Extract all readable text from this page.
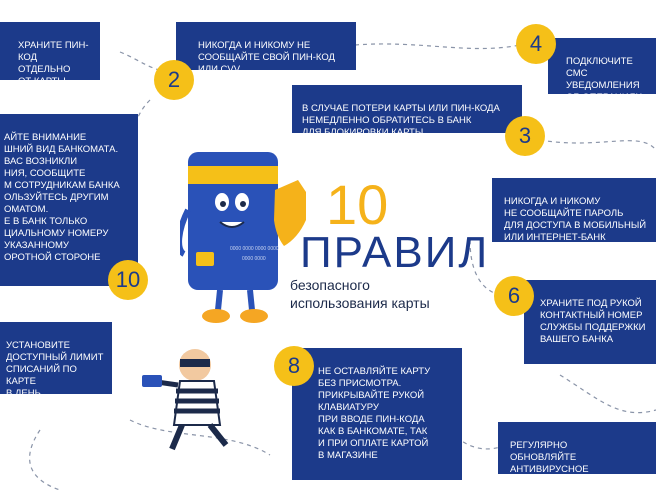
ХРАНИТЕ ПИН-
КОД ОТДЕЛЬНО
ОТ КАРТЫ

НИКОГДА И НИКОМУ НЕ
СООБЩАЙТЕ СВОЙ ПИН-КОД
ИЛИ CVV

В СЛУЧАЕ ПОТЕРИ КАРТЫ ИЛИ ПИН-КОДА
НЕМЕДЛЕННО ОБРАТИТЕСЬ В БАНК
ДЛЯ БЛОКИРОВКИ КАРТЫ

ПОДКЛЮЧИТЕ СМС
УВЕДОМЛЕНИЯ
ОБ ОПЕРАЦИЯХ ПО

НИКОГДА И НИКОМУ
НЕ СООБЩАЙТЕ ПАРОЛЬ
ДЛЯ ДОСТУПА В МОБИЛЬНЫЙ
ИЛИ ИНТЕРНЕТ-БАНК

ХРАНИТЕ ПОД РУКОЙ
КОНТАКТНЫЙ НОМЕР
СЛУЖБЫ ПОДДЕРЖКИ
ВАШЕГО БАНКА

РЕГУЛЯРНО
ОБНОВЛЯЙТЕ АНТИВИРУСНОЕ
ПРОГРАММНОЕ ОБЕСПЕЧЕНИЕ

НЕ ОСТАВЛЯЙТЕ КАРТУ
БЕЗ ПРИСМОТРА.
ПРИКРЫВАЙТЕ РУКОЙ
КЛАВИАТУРУ
ПРИ ВВОДЕ ПИН-КОДА
КАК В БАНКОМАТЕ, ТАК
И ПРИ ОПЛАТЕ КАРТОЙ
В МАГАЗИНЕ

УСТАНОВИТЕ
ДОСТУПНЫЙ ЛИМИТ
СПИСАНИЙ ПО КАРТЕ
В ДЕНЬ

АЙТЕ ВНИМАНИЕ
ШНИЙ ВИД БАНКОМАТА.
ВАС ВОЗНИКЛИ
НИЯ, СООБЩИТЕ
М СОТРУДНИКАМ БАНКА
ОЛЬЗУЙТЕСЬ ДРУГИМ
ОМАТОМ.
Е В БАНК ТОЛЬКО
ЦИАЛЬНОМУ НОМЕРУ
УКАЗАННОМУ
ОРОТНОЙ СТОРОНЕ

2
3
4
6
8
10
0000 0000 0000 0000
0000 0000
10
ПРАВИЛ
безопасного
использования карты
